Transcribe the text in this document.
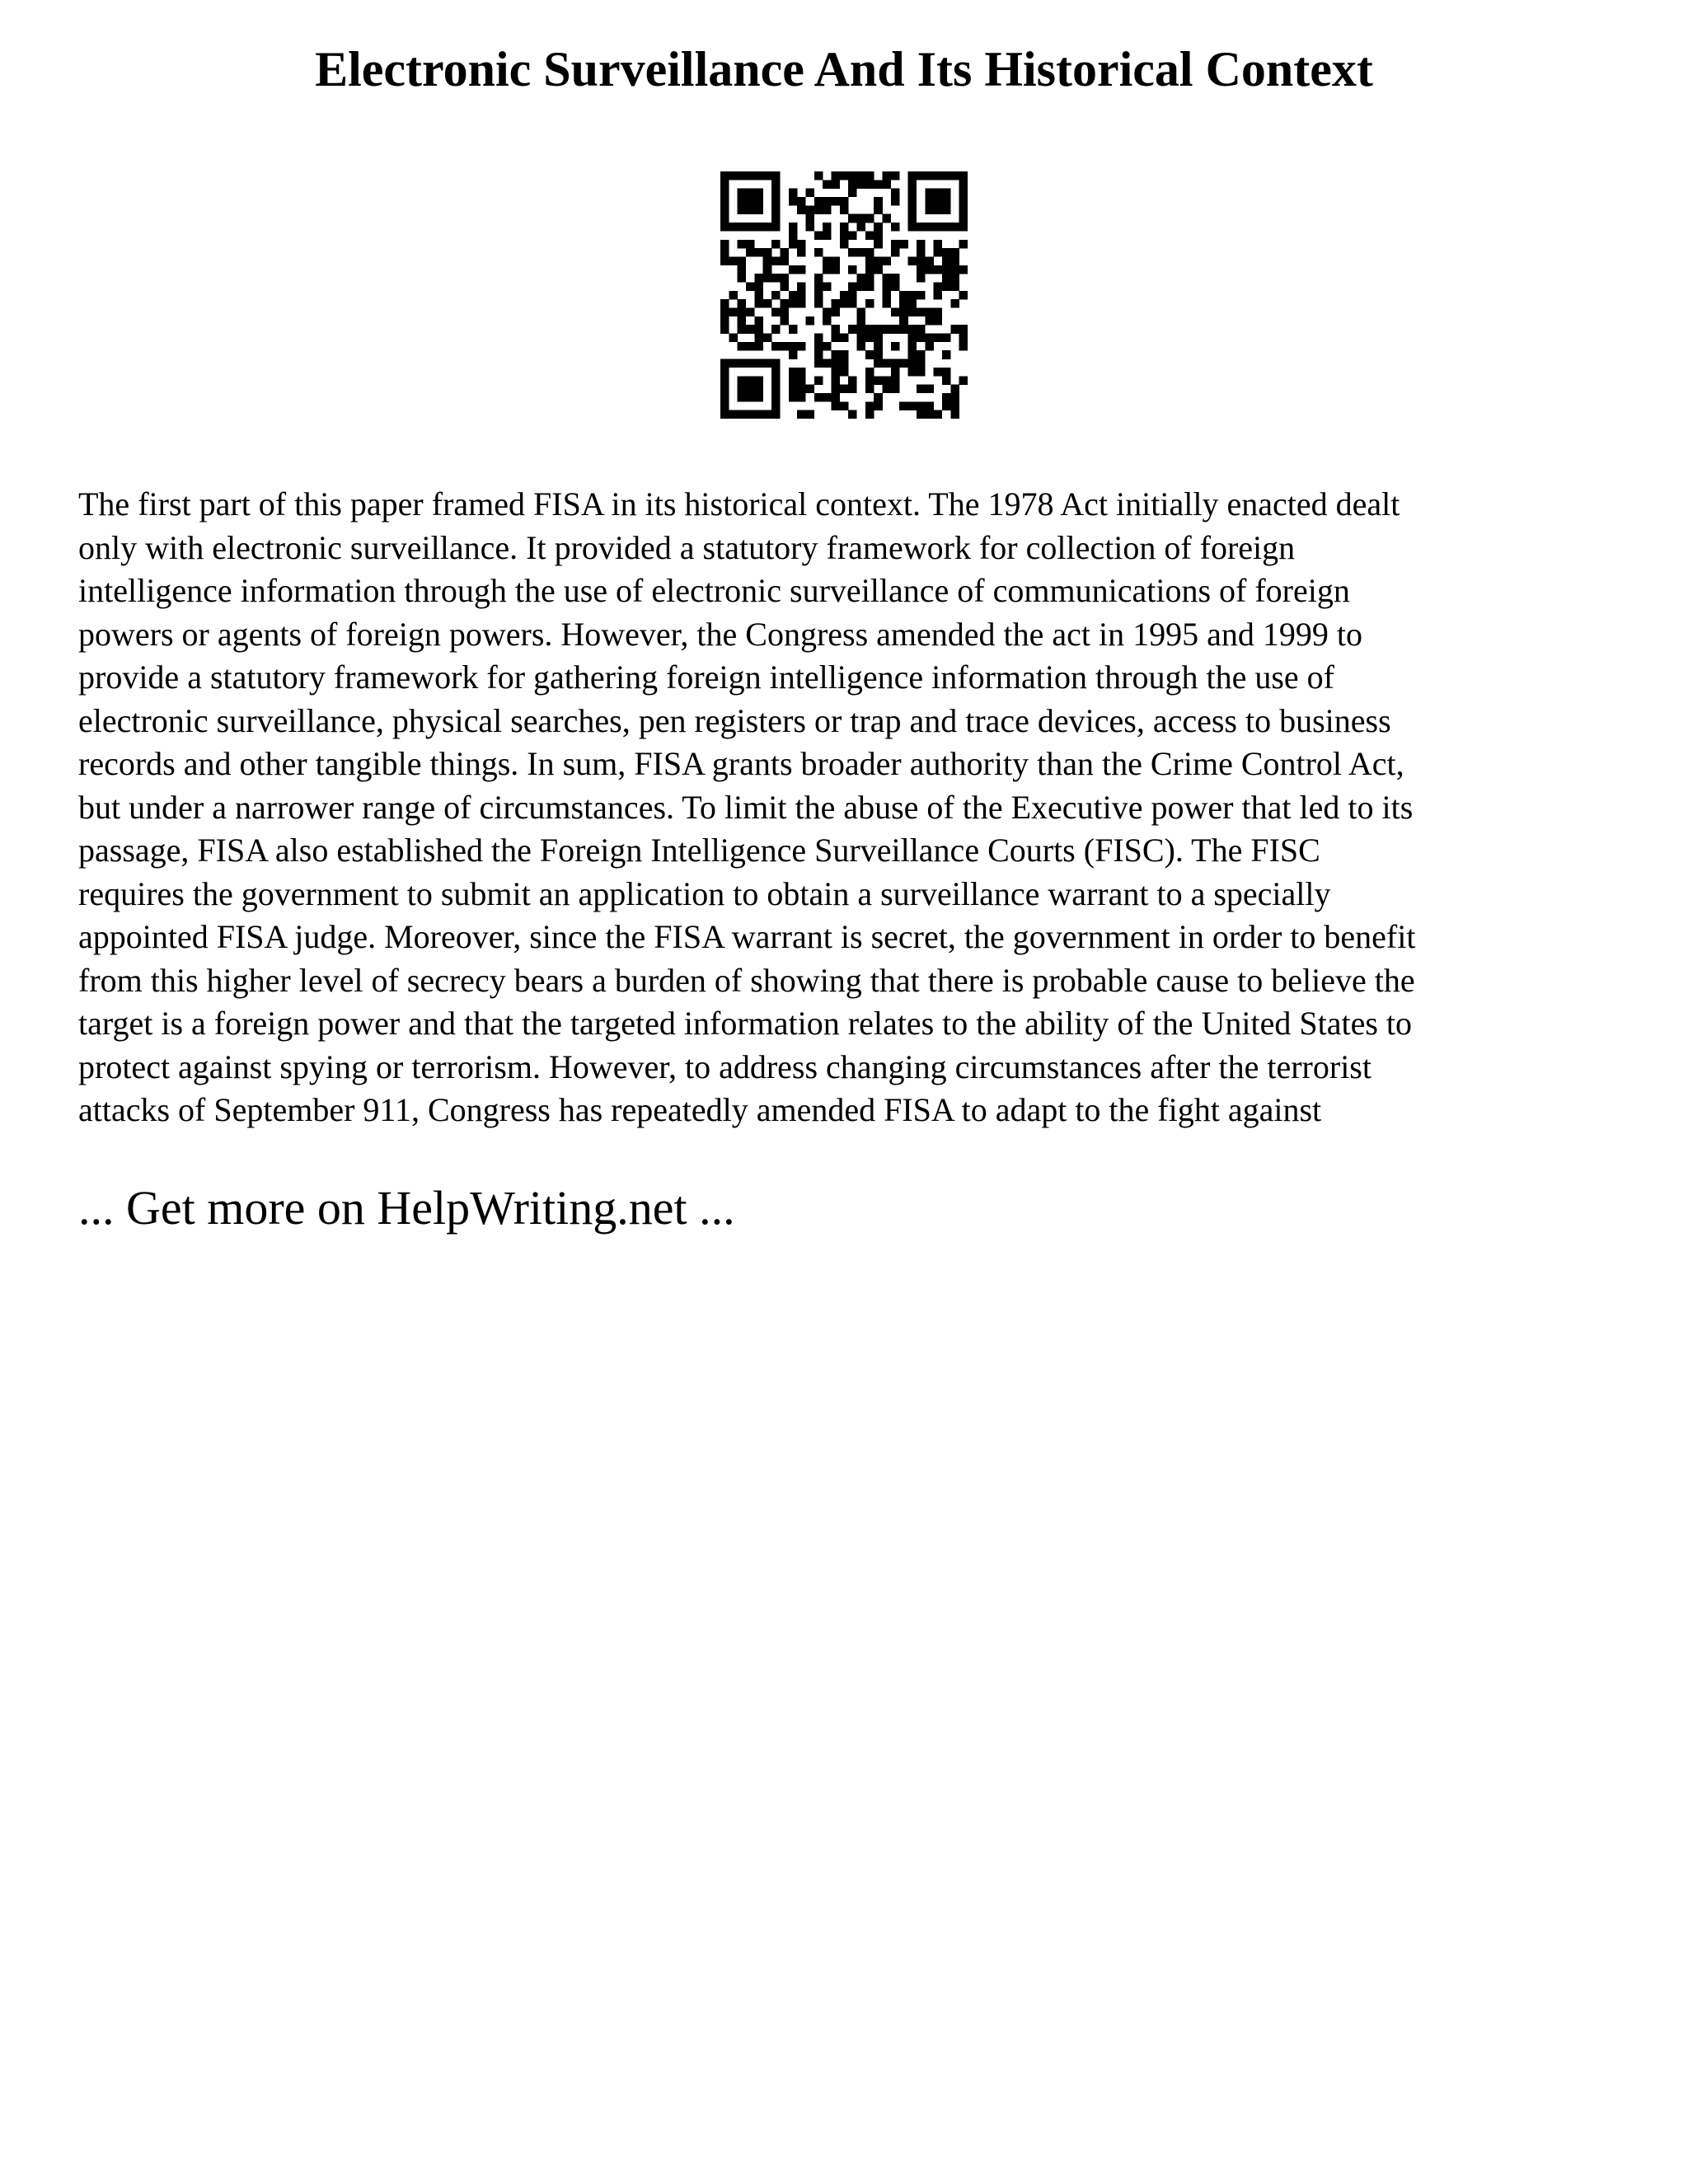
Electronic Surveillance And Its Historical Context
The first part of this paper framed FISA in its historical context. The 1978 Act initially enacted dealt
only with electronic surveillance. It provided a statutory framework for collection of foreign
intelligence information through the use of electronic surveillance of communications of foreign
powers or agents of foreign powers. However, the Congress amended the act in 1995 and 1999 to
provide a statutory framework for gathering foreign intelligence information through the use of
electronic surveillance, physical searches, pen registers or trap and trace devices, access to business
records and other tangible things. In sum, FISA grants broader authority than the Crime Control Act,
but under a narrower range of circumstances. To limit the abuse of the Executive power that led to its
passage, FISA also established the Foreign Intelligence Surveillance Courts (FISC). The FISC
requires the government to submit an application to obtain a surveillance warrant to a specially
appointed FISA judge. Moreover, since the FISA warrant is secret, the government in order to benefit
from this higher level of secrecy bears a burden of showing that there is probable cause to believe the
target is a foreign power and that the targeted information relates to the ability of the United States to
protect against spying or terrorism. However, to address changing circumstances after the terrorist
attacks of September 911, Congress has repeatedly amended FISA to adapt to the fight against
... Get more on HelpWriting.net ...
